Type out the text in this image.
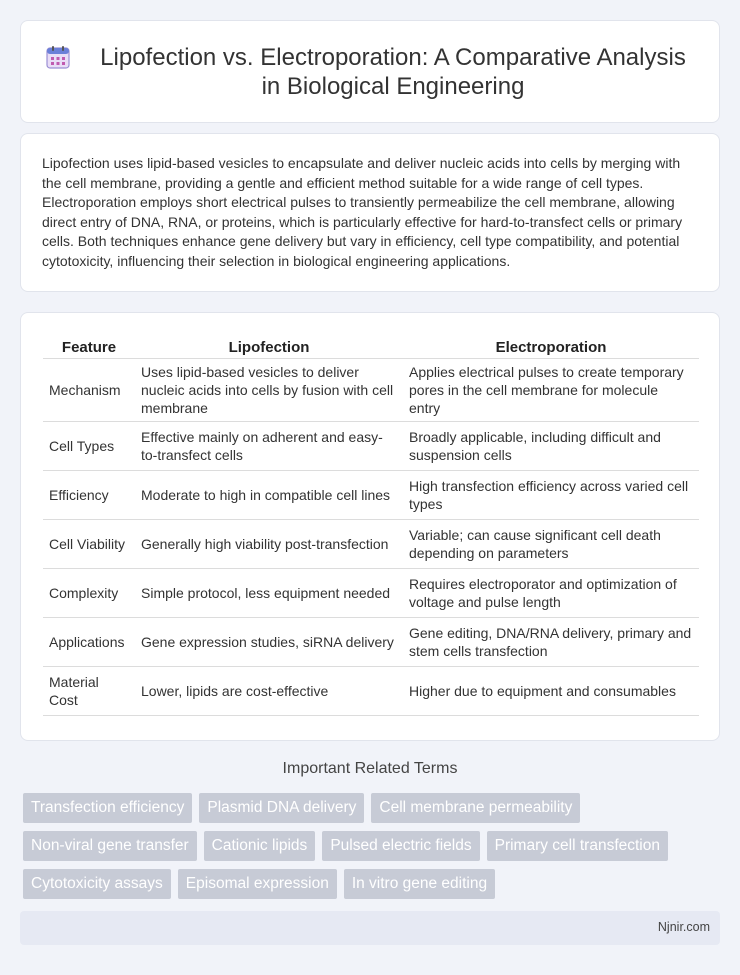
Lipofection vs. Electroporation: A Comparative Analysis in Biological Engineering

Lipofection uses lipid-based vesicles to encapsulate and deliver nucleic acids into cells by merging with the cell membrane, providing a gentle and efficient method suitable for a wide range of cell types. Electroporation employs short electrical pulses to transiently permeabilize the cell membrane, allowing direct entry of DNA, RNA, or proteins, which is particularly effective for hard-to-transfect cells or primary cells. Both techniques enhance gene delivery but vary in efficiency, cell type compatibility, and potential cytotoxicity, influencing their selection in biological engineering applications.

Feature	Lipofection	Electroporation
Mechanism	Uses lipid-based vesicles to deliver nucleic acids into cells by fusion with cell membrane	Applies electrical pulses to create temporary pores in the cell membrane for molecule entry
Cell Types	Effective mainly on adherent and easy-to-transfect cells	Broadly applicable, including difficult and suspension cells
Efficiency	Moderate to high in compatible cell lines	High transfection efficiency across varied cell types
Cell Viability	Generally high viability post-transfection	Variable; can cause significant cell death depending on parameters
Complexity	Simple protocol, less equipment needed	Requires electroporator and optimization of voltage and pulse length
Applications	Gene expression studies, siRNA delivery	Gene editing, DNA/RNA delivery, primary and stem cells transfection
Material Cost	Lower, lipids are cost-effective	Higher due to equipment and consumables
Important Related Terms
Transfection efficiency	Plasmid DNA delivery	Cell membrane permeability
Non-viral gene transfer	Cationic lipids	Pulsed electric fields	Primary cell transfection
Cytotoxicity assays	Episomal expression	In vitro gene editing
Njnir.com
